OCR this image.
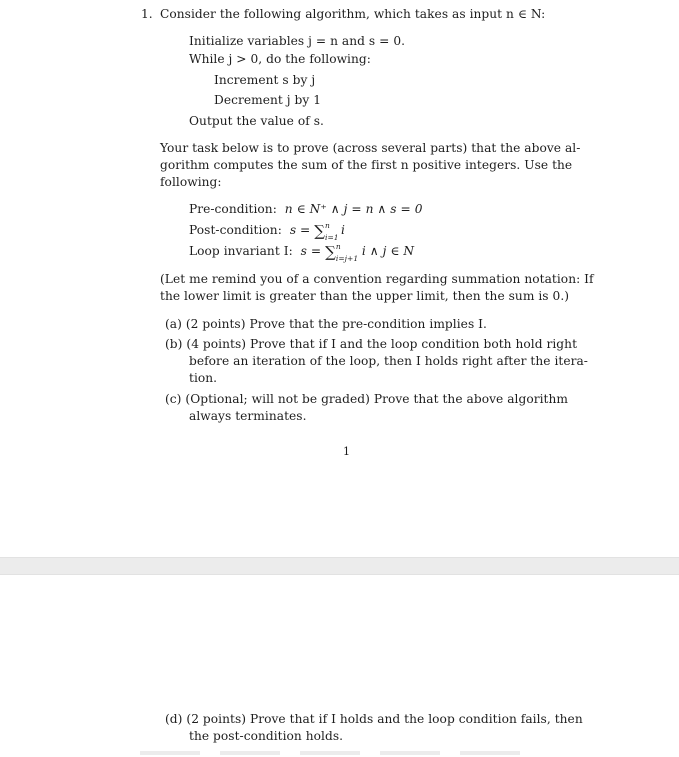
1. Consider the following algorithm, which takes as input n ∈ N:
Initialize variables j = n and s = 0.
While j > 0, do the following:
Increment s by j
Decrement j by 1
Output the value of s.
Your task below is to prove (across several parts) that the above al-
gorithm computes the sum of the first n positive integers. Use the
following:
Pre-condition: n ∈ N⁺ ∧ j = n ∧ s = 0
Post-condition: s = ∑ n
i=1
i
Loop invariant I: s = ∑ n
i=j+1
i ∧ j ∈ N
(Let me remind you of a convention regarding summation notation: If
the lower limit is greater than the upper limit, then the sum is 0.)
(a) (2 points) Prove that the pre-condition implies I.
(b) (4 points) Prove that if I and the loop condition both hold right
before an iteration of the loop, then I holds right after the itera-
tion.
(c) (Optional; will not be graded) Prove that the above algorithm
always terminates.
1
(d) (2 points) Prove that if I holds and the loop condition fails, then
the post-condition holds.
